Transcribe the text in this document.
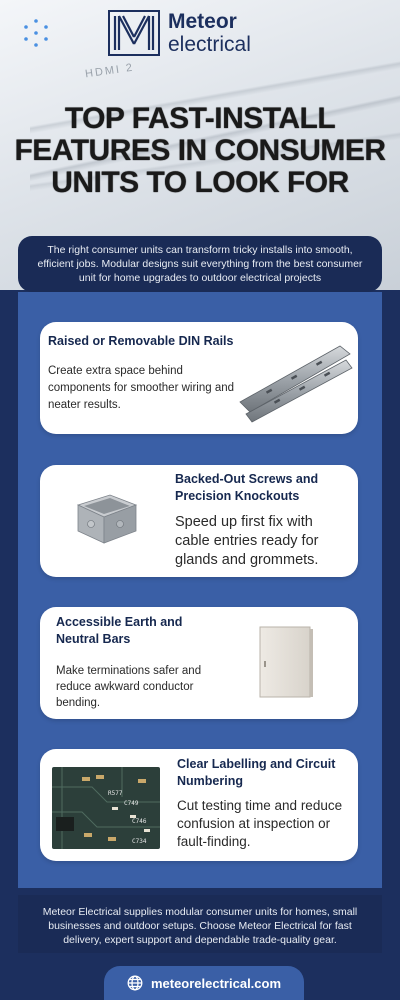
HDMI 2
Meteor
electrical
TOP FAST-INSTALL FEATURES IN CONSUMER UNITS TO LOOK FOR
The right consumer units can transform tricky installs into smooth, efficient jobs. Modular designs suit everything from the best consumer unit for home upgrades to outdoor electrical projects
Raised or Removable DIN Rails

Create extra space behind components for smoother wiring and neater results.

Backed-Out Screws and Precision Knockouts

Speed up first fix with cable entries ready for glands and grommets.

Accessible Earth and Neutral Bars

Make terminations safer and reduce awkward conductor bending.

R577
C749
C746
C734
Clear Labelling and Circuit Numbering

Cut testing time and reduce confusion at inspection or fault-finding.

Meteor Electrical supplies modular consumer units for homes, small businesses and outdoor setups. Choose Meteor Electrical for fast delivery, expert support and dependable trade-quality gear.
meteorelectrical.com
